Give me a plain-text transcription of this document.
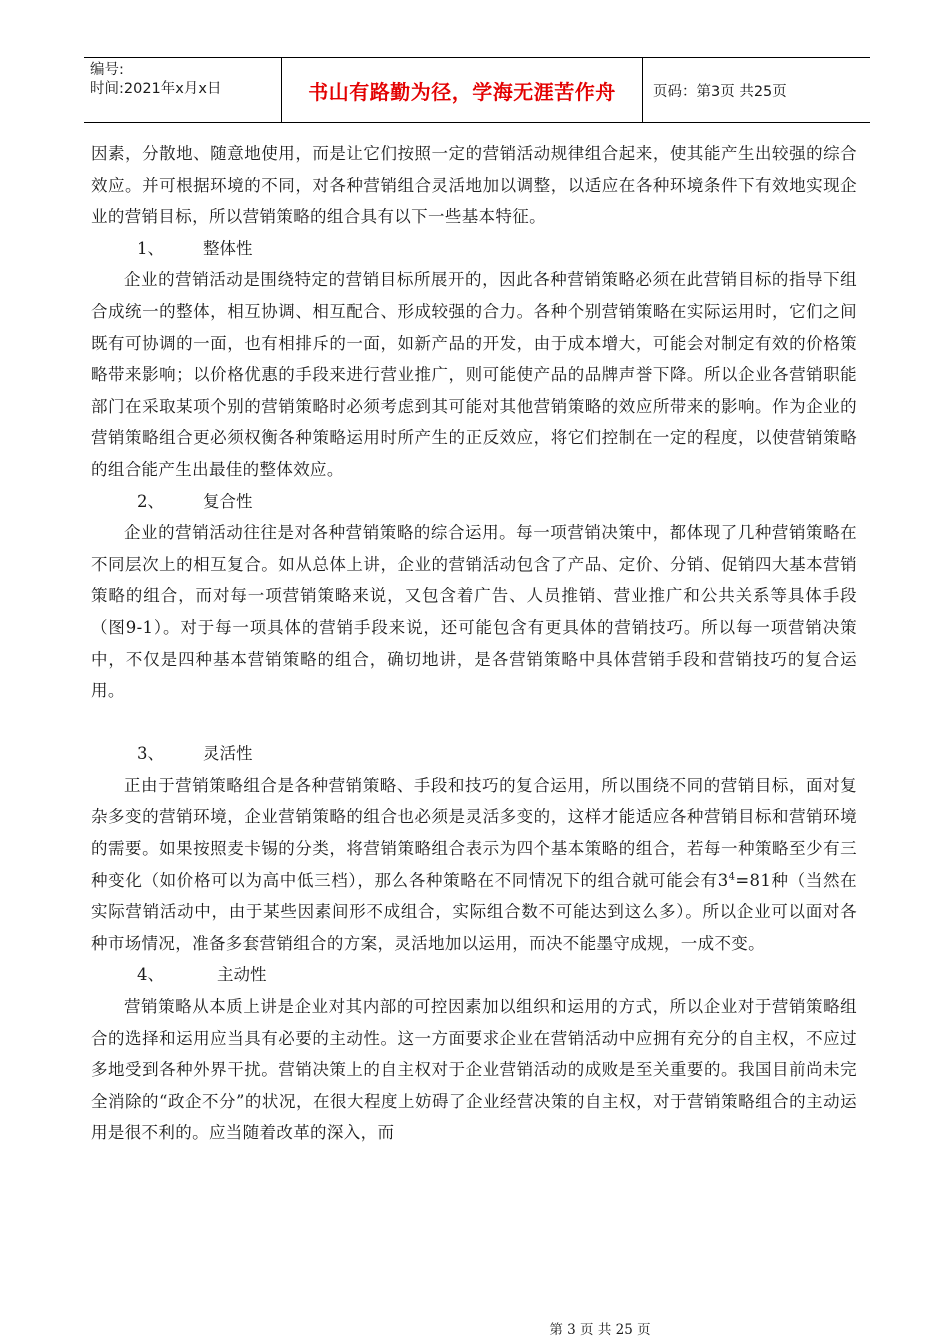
编号:
时间:2021年x月x日	书山有路勤为径，学海无涯苦作舟	页码：第3页 共25页

因素，分散地、随意地使用，而是让它们按照一定的营销活动规律组合起来，使其能产生出较强的综合效应。并可根据环境的不同，对各种营销组合灵活地加以调整，以适应在各种环境条件下有效地实现企业的营销目标，所以营销策略的组合具有以下一些基本特征。

1、	整体性

企业的营销活动是围绕特定的营销目标所展开的，因此各种营销策略必须在此营销目标的指导下组合成统一的整体，相互协调、相互配合、形成较强的合力。各种个别营销策略在实际运用时，它们之间既有可协调的一面，也有相排斥的一面，如新产品的开发，由于成本增大，可能会对制定有效的价格策略带来影响；以价格优惠的手段来进行营业推广，则可能使产品的品牌声誉下降。所以企业各营销职能部门在采取某项个别的营销策略时必须考虑到其可能对其他营销策略的效应所带来的影响。作为企业的营销策略组合更必须权衡各种策略运用时所产生的正反效应，将它们控制在一定的程度，以使营销策略的组合能产生出最佳的整体效应。

2、	复合性

企业的营销活动往往是对各种营销策略的综合运用。每一项营销决策中，都体现了几种营销策略在不同层次上的相互复合。如从总体上讲，企业的营销活动包含了产品、定价、分销、促销四大基本营销策略的组合，而对每一项营销策略来说，又包含着广告、人员推销、营业推广和公共关系等具体手段（图9-1）。对于每一项具体的营销手段来说，还可能包含有更具体的营销技巧。所以每一项营销决策中，不仅是四种基本营销策略的组合，确切地讲，是各营销策略中具体营销手段和营销技巧的复合运用。

3、	灵活性

正由于营销策略组合是各种营销策略、手段和技巧的复合运用，所以围绕不同的营销目标，面对复杂多变的营销环境，企业营销策略的组合也必须是灵活多变的，这样才能适应各种营销目标和营销环境的需要。如果按照麦卡锡的分类，将营销策略组合表示为四个基本策略的组合，若每一种策略至少有三种变化（如价格可以为高中低三档），那么各种策略在不同情况下的组合就可能会有$3^4=81$种（当然在实际营销活动中，由于某些因素间形不成组合，实际组合数不可能达到这么多）。所以企业可以面对各种市场情况，准备多套营销组合的方案，灵活地加以运用，而决不能墨守成规，一成不变。

4、	主动性

营销策略从本质上讲是企业对其内部的可控因素加以组织和运用的方式，所以企业对于营销策略组合的选择和运用应当具有必要的主动性。这一方面要求企业在营销活动中应拥有充分的自主权，不应过多地受到各种外界干扰。营销决策上的自主权对于企业营销活动的成败是至关重要的。我国目前尚未完全消除的“政企不分”的状况，在很大程度上妨碍了企业经营决策的自主权，对于营销策略组合的主动运用是很不利的。应当随着改革的深入，而

第 3 页 共 25 页
